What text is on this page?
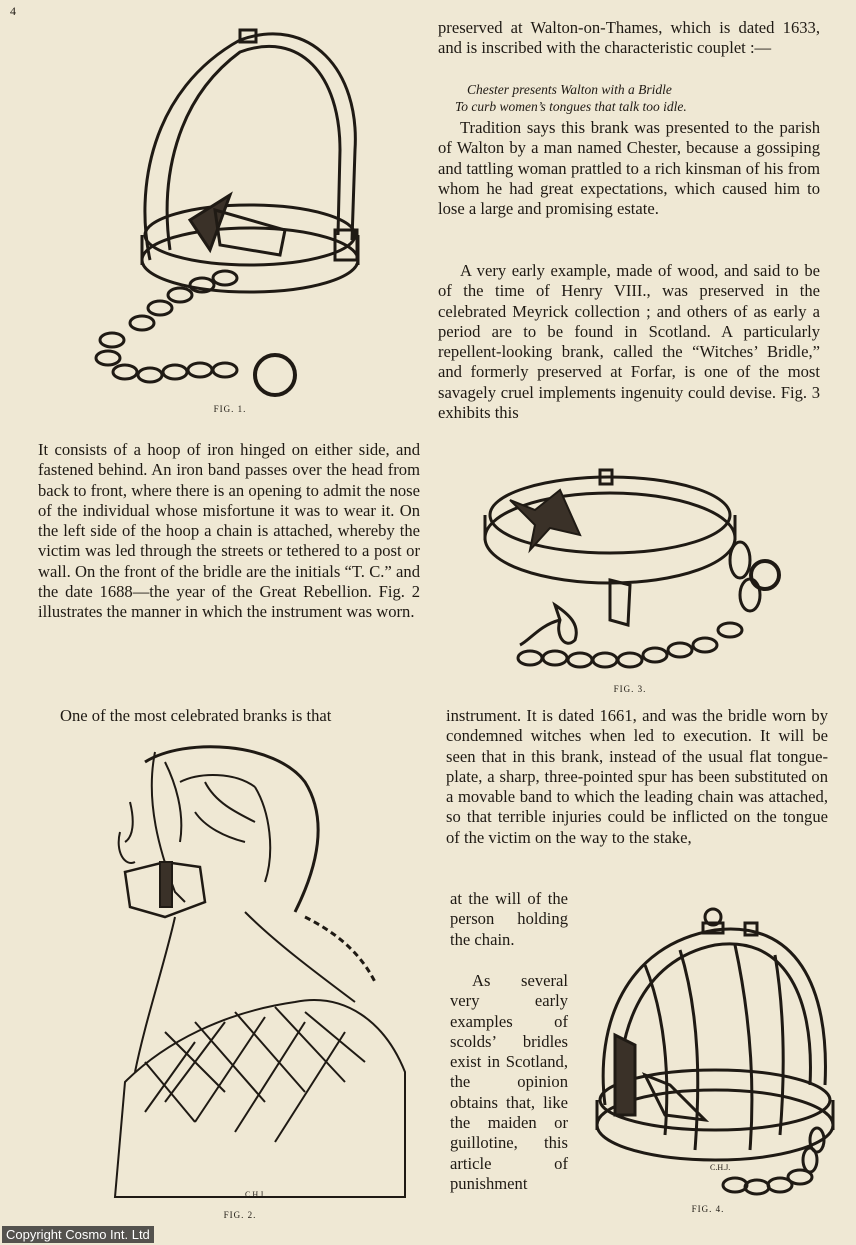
4
FIG. 1.

It consists of a hoop of iron hinged on either side, and fastened behind. An iron band passes over the head from back to front, where there is an opening to admit the nose of the individual whose misfortune it was to wear it. On the left side of the hoop a chain is attached, whereby the victim was led through the streets or tethered to a post or wall. On the front of the bridle are the initials “T. C.” and the date 1688—the year of the Great Rebellion. Fig. 2 illustrates the manner in which the instrument was worn.

One of the most celebrated branks is that

C.H.J.
FIG. 2.

preserved at Walton-on-Thames, which is dated 1633, and is inscribed with the characteristic couplet :—

Chester presents Walton with a Bridle
To curb women’s tongues that talk too idle.

Tradition says this brank was presented to the parish of Walton by a man named Chester, because a gossiping and tattling woman prattled to a rich kinsman of his from whom he had great expectations, which caused him to lose a large and promising estate.

A very early example, made of wood, and said to be of the time of Henry VIII., was preserved in the celebrated Meyrick collection ; and others of as early a period are to be found in Scotland. A particularly repellent-looking brank, called the “Witches’ Bridle,” and formerly preserved at Forfar, is one of the most savagely cruel implements ingenuity could devise. Fig. 3 exhibits this

FIG. 3.

instrument. It is dated 1661, and was the bridle worn by condemned witches when led to execution. It will be seen that in this brank, instead of the usual flat tongue-plate, a sharp, three-pointed spur has been substituted on a movable band to which the leading chain was attached, so that terrible injuries could be inflicted on the tongue of the victim on the way to the stake,

at the will of the person holding the chain.

As several very early examples of scolds’ bridles exist in Scotland, the opinion obtains that, like the maiden or guillotine, this article of punishment

C.H.J.
FIG. 4.
Copyright Cosmo Int. Ltd
